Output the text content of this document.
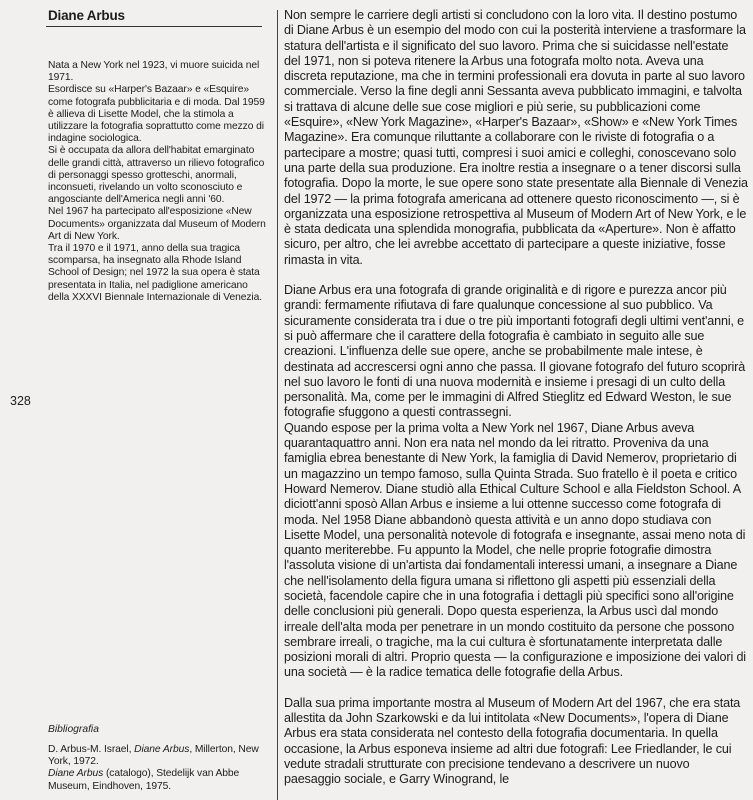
Diane Arbus

Nata a New York nel 1923, vi muore suicida nel 1971.

Esordisce su «Harper's Bazaar» e «Esquire» come fotografa pubblicitaria e di moda. Dal 1959 è allieva di Lisette Model, che la stimola a utilizzare la fotografia soprattutto come mezzo di indagine sociologica.

Si è occupata da allora dell'habitat emarginato delle grandi città, attraverso un rilievo fotografico di personaggi spesso grotteschi, anormali, inconsueti, rivelando un volto sconosciuto e angosciante dell'America negli anni '60.

Nel 1967 ha partecipato all'esposizione «New Documents» organizzata dal Museum of Modern Art di New York.

Tra il 1970 e il 1971, anno della sua tragica scomparsa, ha insegnato alla Rhode Island School of Design; nel 1972 la sua opera è stata presentata in Italia, nel padiglione americano della XXXVI Biennale Internazionale di Venezia.

328
Bibliografia

D. Arbus-M. Israel, Diane Arbus, Millerton, New York, 1972.

Diane Arbus (catalogo), Stedelijk van Abbe Museum, Eindhoven, 1975.

Non sempre le carriere degli artisti si concludono con la loro vita. Il destino postumo di Diane Arbus è un esempio del modo con cui la posterità interviene a trasformare la statura dell'artista e il significato del suo lavoro. Prima che si suicidasse nell'estate del 1971, non si poteva ritenere la Arbus una fotografa molto nota. Aveva una discreta reputazione, ma che in termini professionali era dovuta in parte al suo lavoro commerciale. Verso la fine degli anni Sessanta aveva pubblicato immagini, e talvolta si trattava di alcune delle sue cose migliori e più serie, su pubblicazioni come «Esquire», «New York Magazine», «Harper's Bazaar», «Show» e «New York Times Magazine». Era comunque riluttante a collaborare con le riviste di fotografia o a partecipare a mostre; quasi tutti, compresi i suoi amici e colleghi, conoscevano solo una parte della sua produzione. Era inoltre restia a insegnare o a tener discorsi sulla fotografia. Dopo la morte, le sue opere sono state presentate alla Biennale di Venezia del 1972 — la prima fotografa americana ad ottenere questo riconoscimento —, si è organizzata una esposizione retrospettiva al Museum of Modern Art of New York, e le è stata dedicata una splendida monografia, pubblicata da «Aperture». Non è affatto sicuro, per altro, che lei avrebbe accettato di partecipare a queste iniziative, fosse rimasta in vita.

Diane Arbus era una fotografa di grande originalità e di rigore e purezza ancor più grandi: fermamente rifiutava di fare qualunque concessione al suo pubblico. Va sicuramente considerata tra i due o tre più importanti fotografi degli ultimi vent'anni, e si può affermare che il carattere della fotografia è cambiato in seguito alle sue creazioni. L'influenza delle sue opere, anche se probabilmente male intese, è destinata ad accrescersi ogni anno che passa. Il giovane fotografo del futuro scoprirà nel suo lavoro le fonti di una nuova modernità e insieme i presagi di un culto della personalità. Ma, come per le immagini di Alfred Stieglitz ed Edward Weston, le sue fotografie sfuggono a questi contrassegni.

Quando espose per la prima volta a New York nel 1967, Diane Arbus aveva quarantaquattro anni. Non era nata nel mondo da lei ritratto. Proveniva da una famiglia ebrea benestante di New York, la famiglia di David Nemerov, proprietario di un magazzino un tempo famoso, sulla Quinta Strada. Suo fratello è il poeta e critico Howard Nemerov. Diane studiò alla Ethical Culture School e alla Fieldston School. A diciott'anni sposò Allan Arbus e insieme a lui ottenne successo come fotografa di moda. Nel 1958 Diane abbandonò questa attività e un anno dopo studiava con Lisette Model, una personalità notevole di fotografa e insegnante, assai meno nota di quanto meriterebbe. Fu appunto la Model, che nelle proprie fotografie dimostra l'assoluta visione di un'artista dai fondamentali interessi umani, a insegnare a Diane che nell'isolamento della figura umana si riflettono gli aspetti più essenziali della società, facendole capire che in una fotografia i dettagli più specifici sono all'origine delle conclusioni più generali. Dopo questa esperienza, la Arbus uscì dal mondo irreale dell'alta moda per penetrare in un mondo costituito da persone che possono sembrare irreali, o tragiche, ma la cui cultura è sfortunatamente interpretata dalle posizioni morali di altri. Proprio questa — la configurazione e imposizione dei valori di una società — è la radice tematica delle fotografie della Arbus.

Dalla sua prima importante mostra al Museum of Modern Art del 1967, che era stata allestita da John Szarkowski e da lui intitolata «New Documents», l'opera di Diane Arbus era stata considerata nel contesto della fotografia documentaria. In quella occasione, la Arbus esponeva insieme ad altri due fotografi: Lee Friedlander, le cui vedute stradali strutturate con precisione tendevano a descrivere un nuovo paesaggio sociale, e Garry Winogrand, le
